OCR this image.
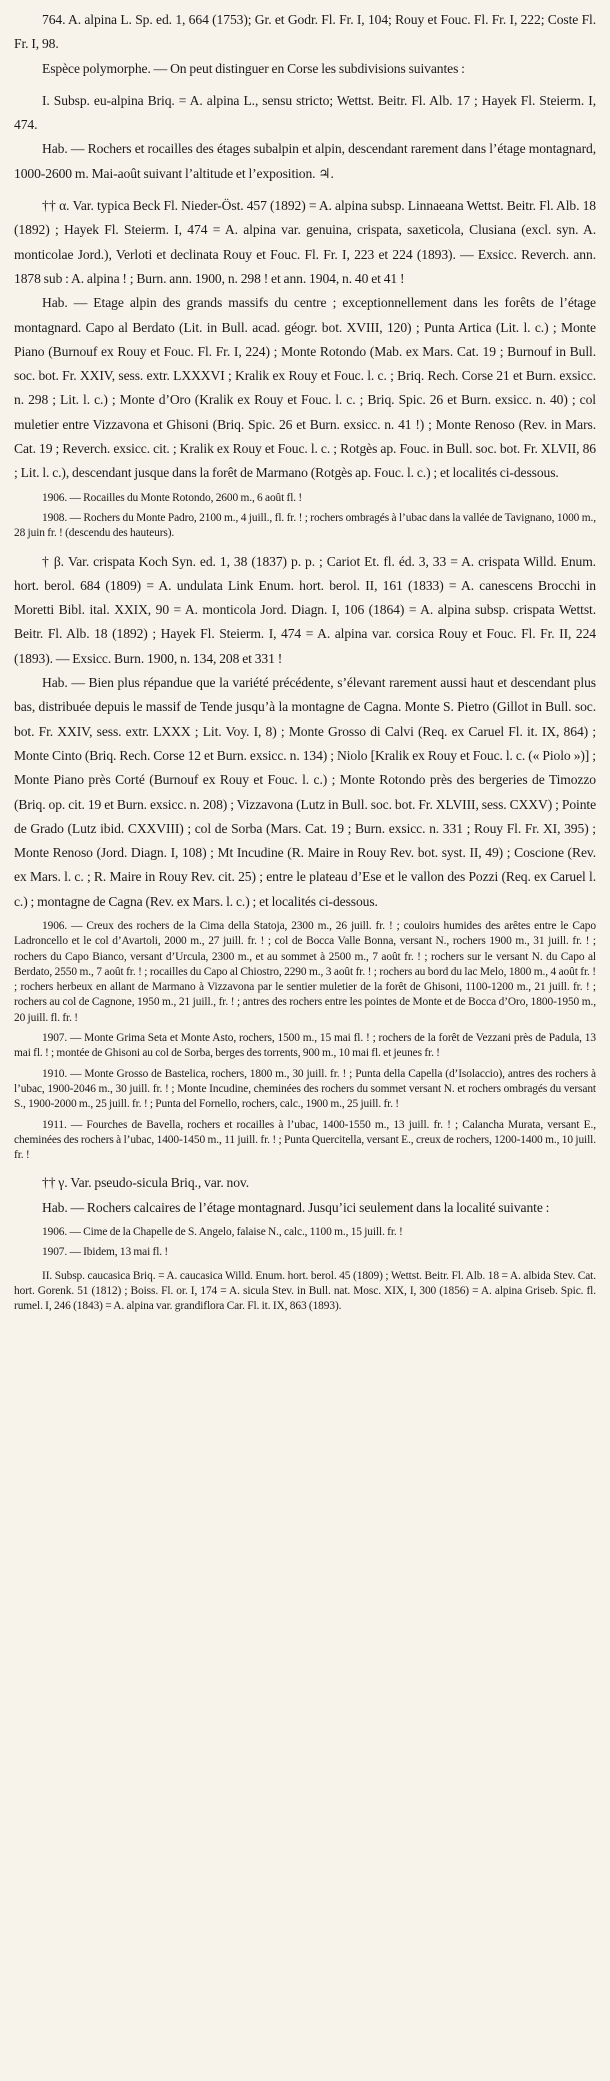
764. A. alpina L. Sp. ed. 1, 664 (1753); Gr. et Godr. Fl. Fr. I, 104; Rouy et Fouc. Fl. Fr. I, 222; Coste Fl. Fr. I, 98.

Espèce polymorphe. — On peut distinguer en Corse les subdivisions suivantes :

I. Subsp. eu-alpina Briq. = A. alpina L., sensu stricto; Wettst. Beitr. Fl. Alb. 17 ; Hayek Fl. Steierm. I, 474.

Hab. — Rochers et rocailles des étages subalpin et alpin, descendant rarement dans l’étage montagnard, 1000-2600 m. Mai-août suivant l’altitude et l’exposition. ♃.

†† α. Var. typica Beck Fl. Nieder-Öst. 457 (1892) = A. alpina subsp. Linnaeana Wettst. Beitr. Fl. Alb. 18 (1892) ; Hayek Fl. Steierm. I, 474 = A. alpina var. genuina, crispata, saxeticola, Clusiana (excl. syn. A. monticolae Jord.), Verloti et declinata Rouy et Fouc. Fl. Fr. I, 223 et 224 (1893). — Exsicc. Reverch. ann. 1878 sub : A. alpina ! ; Burn. ann. 1900, n. 298 ! et ann. 1904, n. 40 et 41 !

Hab. — Etage alpin des grands massifs du centre ; exceptionnellement dans les forêts de l’étage montagnard. Capo al Berdato (Lit. in Bull. acad. géogr. bot. XVIII, 120) ; Punta Artica (Lit. l. c.) ; Monte Piano (Burnouf ex Rouy et Fouc. Fl. Fr. I, 224) ; Monte Rotondo (Mab. ex Mars. Cat. 19 ; Burnouf in Bull. soc. bot. Fr. XXIV, sess. extr. LXXXVI ; Kralik ex Rouy et Fouc. l. c. ; Briq. Rech. Corse 21 et Burn. exsicc. n. 298 ; Lit. l. c.) ; Monte d’Oro (Kralik ex Rouy et Fouc. l. c. ; Briq. Spic. 26 et Burn. exsicc. n. 40) ; col muletier entre Vizzavona et Ghisoni (Briq. Spic. 26 et Burn. exsicc. n. 41 !) ; Monte Renoso (Rev. in Mars. Cat. 19 ; Reverch. exsicc. cit. ; Kralik ex Rouy et Fouc. l. c. ; Rotgès ap. Fouc. in Bull. soc. bot. Fr. XLVII, 86 ; Lit. l. c.), descendant jusque dans la forêt de Marmano (Rotgès ap. Fouc. l. c.) ; et localités ci-dessous.

1906. — Rocailles du Monte Rotondo, 2600 m., 6 août fl. !

1908. — Rochers du Monte Padro, 2100 m., 4 juill., fl. fr. ! ; rochers ombragés à l’ubac dans la vallée de Tavignano, 1000 m., 28 juin fr. ! (descendu des hauteurs).

† β. Var. crispata Koch Syn. ed. 1, 38 (1837) p. p. ; Cariot Et. fl. éd. 3, 33 = A. crispata Willd. Enum. hort. berol. 684 (1809) = A. undulata Link Enum. hort. berol. II, 161 (1833) = A. canescens Brocchi in Moretti Bibl. ital. XXIX, 90 = A. monticola Jord. Diagn. I, 106 (1864) = A. alpina subsp. crispata Wettst. Beitr. Fl. Alb. 18 (1892) ; Hayek Fl. Steierm. I, 474 = A. alpina var. corsica Rouy et Fouc. Fl. Fr. II, 224 (1893). — Exsicc. Burn. 1900, n. 134, 208 et 331 !

Hab. — Bien plus répandue que la variété précédente, s’élevant rarement aussi haut et descendant plus bas, distribuée depuis le massif de Tende jusqu’à la montagne de Cagna. Monte S. Pietro (Gillot in Bull. soc. bot. Fr. XXIV, sess. extr. LXXX ; Lit. Voy. I, 8) ; Monte Grosso di Calvi (Req. ex Caruel Fl. it. IX, 864) ; Monte Cinto (Briq. Rech. Corse 12 et Burn. exsicc. n. 134) ; Niolo [Kralik ex Rouy et Fouc. l. c. (« Piolo »)] ; Monte Piano près Corté (Burnouf ex Rouy et Fouc. l. c.) ; Monte Rotondo près des bergeries de Timozzo (Briq. op. cit. 19 et Burn. exsicc. n. 208) ; Vizzavona (Lutz in Bull. soc. bot. Fr. XLVIII, sess. CXXV) ; Pointe de Grado (Lutz ibid. CXXVIII) ; col de Sorba (Mars. Cat. 19 ; Burn. exsicc. n. 331 ; Rouy Fl. Fr. XI, 395) ; Monte Renoso (Jord. Diagn. I, 108) ; Mt Incudine (R. Maire in Rouy Rev. bot. syst. II, 49) ; Coscione (Rev. ex Mars. l. c. ; R. Maire in Rouy Rev. cit. 25) ; entre le plateau d’Ese et le vallon des Pozzi (Req. ex Caruel l. c.) ; montagne de Cagna (Rev. ex Mars. l. c.) ; et localités ci-dessous.

1906. — Creux des rochers de la Cima della Statoja, 2300 m., 26 juill. fr. ! ; couloirs humides des arêtes entre le Capo Ladroncello et le col d’Avartoli, 2000 m., 27 juill. fr. ! ; col de Bocca Valle Bonna, versant N., rochers 1900 m., 31 juill. fr. ! ; rochers du Capo Bianco, versant d’Urcula, 2300 m., et au sommet à 2500 m., 7 août fr. ! ; rochers sur le versant N. du Capo al Berdato, 2550 m., 7 août fr. ! ; rocailles du Capo al Chiostro, 2290 m., 3 août fr. ! ; rochers au bord du lac Melo, 1800 m., 4 août fr. ! ; rochers herbeux en allant de Marmano à Vizzavona par le sentier muletier de la forêt de Ghisoni, 1100-1200 m., 21 juill. fr. ! ; rochers au col de Cagnone, 1950 m., 21 juill., fr. ! ; antres des rochers entre les pointes de Monte et de Bocca d’Oro, 1800-1950 m., 20 juill. fl. fr. !

1907. — Monte Grima Seta et Monte Asto, rochers, 1500 m., 15 mai fl. ! ; rochers de la forêt de Vezzani près de Padula, 13 mai fl. ! ; montée de Ghisoni au col de Sorba, berges des torrents, 900 m., 10 mai fl. et jeunes fr. !

1910. — Monte Grosso de Bastelica, rochers, 1800 m., 30 juill. fr. ! ; Punta della Capella (d’Isolaccio), antres des rochers à l’ubac, 1900-2046 m., 30 juill. fr. ! ; Monte Incudine, cheminées des rochers du sommet versant N. et rochers ombragés du versant S., 1900-2000 m., 25 juill. fr. ! ; Punta del Fornello, rochers, calc., 1900 m., 25 juill. fr. !

1911. — Fourches de Bavella, rochers et rocailles à l’ubac, 1400-1550 m., 13 juill. fr. ! ; Calancha Murata, versant E., cheminées des rochers à l’ubac, 1400-1450 m., 11 juill. fr. ! ; Punta Quercitella, versant E., creux de rochers, 1200-1400 m., 10 juill. fr. !

†† γ. Var. pseudo-sicula Briq., var. nov.

Hab. — Rochers calcaires de l’étage montagnard. Jusqu’ici seulement dans la localité suivante :

1906. — Cime de la Chapelle de S. Angelo, falaise N., calc., 1100 m., 15 juill. fr. !

1907. — Ibidem, 13 mai fl. !

II. Subsp. caucasica Briq. = A. caucasica Willd. Enum. hort. berol. 45 (1809) ; Wettst. Beitr. Fl. Alb. 18 = A. albida Stev. Cat. hort. Gorenk. 51 (1812) ; Boiss. Fl. or. I, 174 = A. sicula Stev. in Bull. nat. Mosc. XIX, I, 300 (1856) = A. alpina Griseb. Spic. fl. rumel. I, 246 (1843) = A. alpina var. grandiflora Car. Fl. it. IX, 863 (1893).
